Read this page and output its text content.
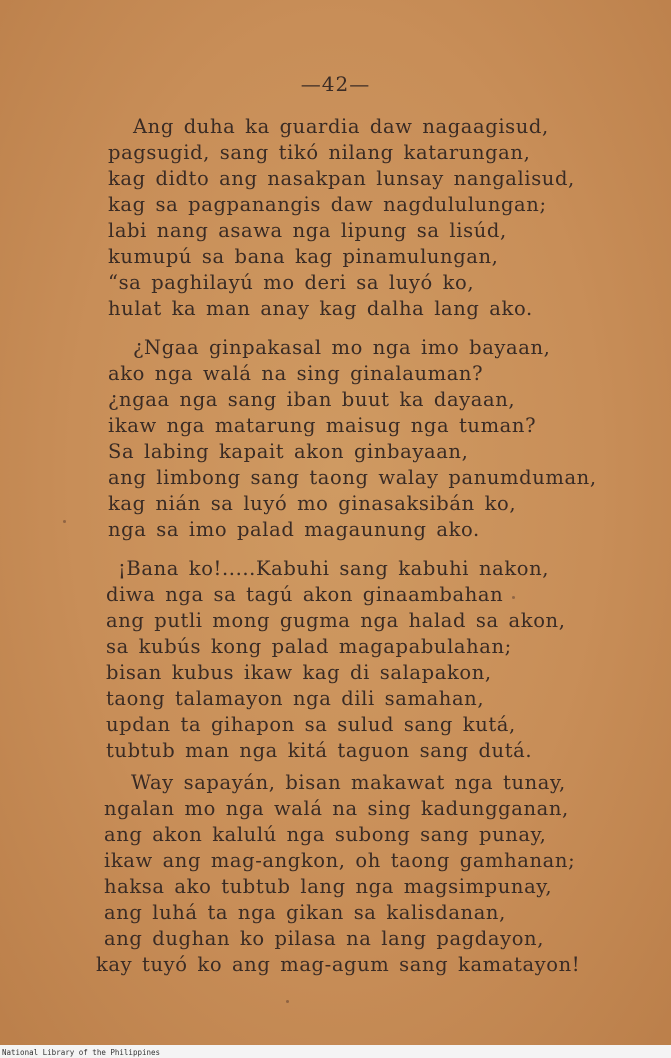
—42—
Ang duha ka guardia daw nagaagisud,
pagsugid, sang tikó nilang katarungan,
kag didto ang nasakpan lunsay nangalisud,
kag sa pagpanangis daw nagdululungan;
labi nang asawa nga lipung sa lisúd,
kumupú sa bana kag pinamulungan,
“sa paghilayú mo deri sa luyó ko,
hulat ka man anay kag dalha lang ako.
¿Ngaa ginpakasal mo nga imo bayaan,
ako nga walá na sing ginalauman?
¿ngaa nga sang iban buut ka dayaan,
ikaw nga matarung maisug nga tuman?
Sa labing kapait akon ginbayaan,
ang limbong sang taong walay panumduman,
kag nián sa luyó mo ginasaksibán ko,
nga sa imo palad magaunung ako.
¡Bana ko!.....Kabuhi sang kabuhi nakon,
diwa nga sa tagú akon ginaambahan
ang putli mong gugma nga halad sa akon,
sa kubús kong palad magapabulahan;
bisan kubus ikaw kag di salapakon,
taong talamayon nga dili samahan,
updan ta gihapon sa sulud sang kutá,
tubtub man nga kitá taguon sang dutá.
Way sapayán, bisan makawat nga tunay,
ngalan mo nga walá na sing kadungganan,
ang akon kalulú nga subong sang punay,
ikaw ang mag-angkon, oh taong gamhanan;
haksa ako tubtub lang nga magsimpunay,
ang luhá ta nga gikan sa kalisdanan,
ang dughan ko pilasa na lang pagdayon,
kay tuyó ko ang mag-agum sang kamatayon!
National Library of the Philippines
